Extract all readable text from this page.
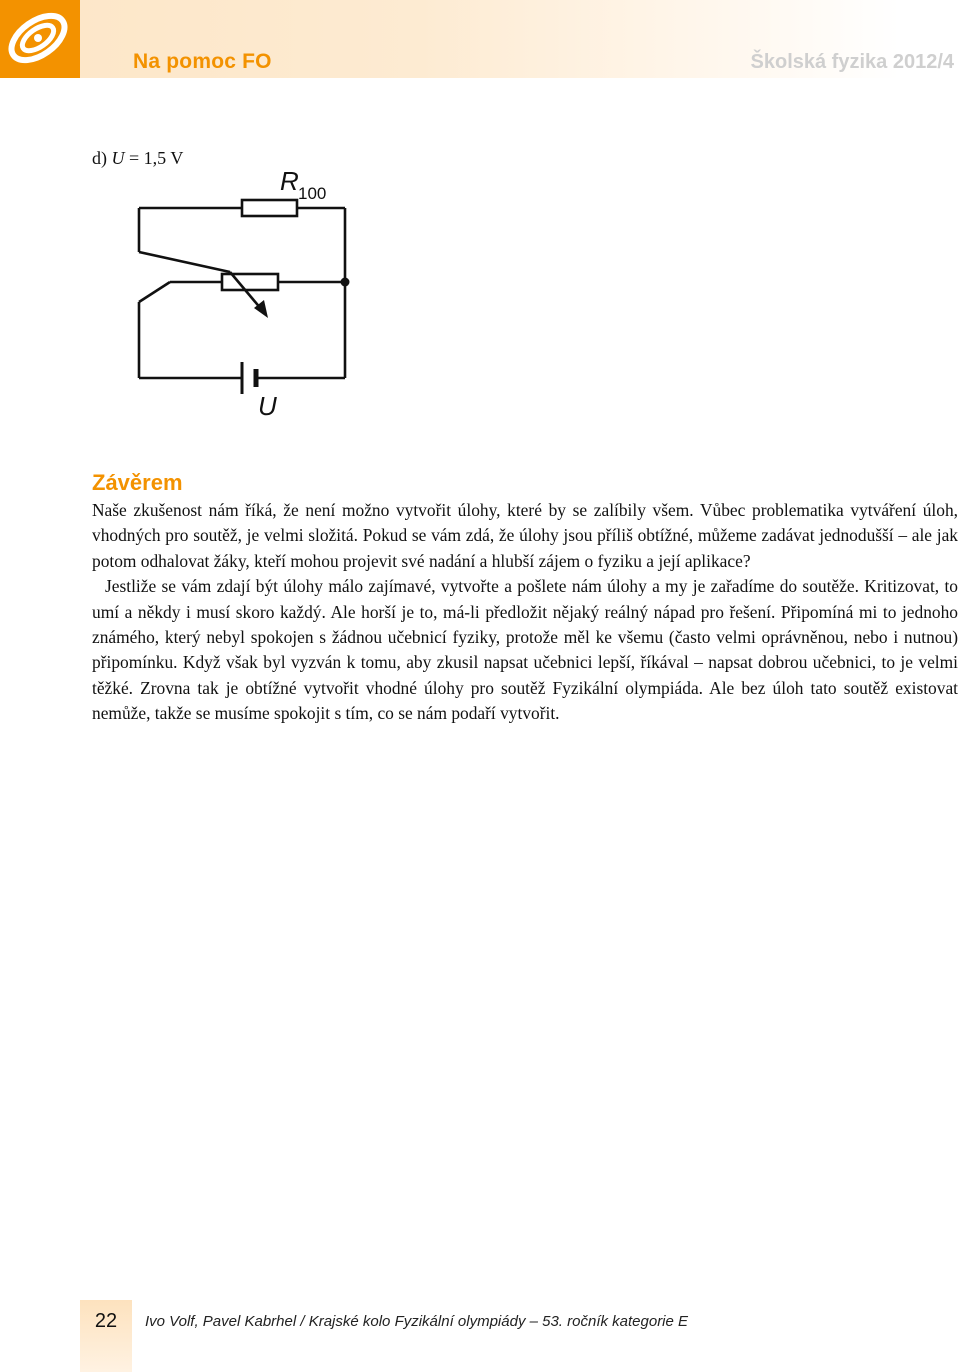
Na pomoc FO	Školská fyzika 2012/4
d) U = 1,5 V
R 100
U
Závěrem

Naše zkušenost nám říká, že není možno vytvořit úlohy, které by se zalíbily všem. Vůbec problematika vytváření úloh, vhodných pro soutěž, je velmi složitá. Pokud se vám zdá, že úlohy jsou příliš obtížné, můžeme zadávat jednodušší – ale jak potom odhalovat žáky, kteří mohou projevit své nadání a hlubší zájem o fyziku a její aplikace?

Jestliže se vám zdají být úlohy málo zajímavé, vytvořte a pošlete nám úlohy a my je zařadíme do soutěže. Kritizovat, to umí a někdy i musí skoro každý. Ale horší je to, má-li předložit nějaký reálný nápad pro řešení. Připomíná mi to jednoho známého, který nebyl spokojen s žádnou učebnicí fyziky, protože měl ke všemu (často velmi oprávněnou, nebo i nutnou) připomínku. Když však byl vyzván k tomu, aby zkusil napsat učebnici lepší, říkával – napsat dobrou učebnici, to je velmi těžké. Zrovna tak je obtížné vytvořit vhodné úlohy pro soutěž Fyzikální olympiáda. Ale bez úloh tato soutěž existovat nemůže, takže se musíme spokojit s tím, co se nám podaří vytvořit.

22	Ivo Volf, Pavel Kabrhel / Krajské kolo Fyzikální olympiády – 53. ročník kategorie E
